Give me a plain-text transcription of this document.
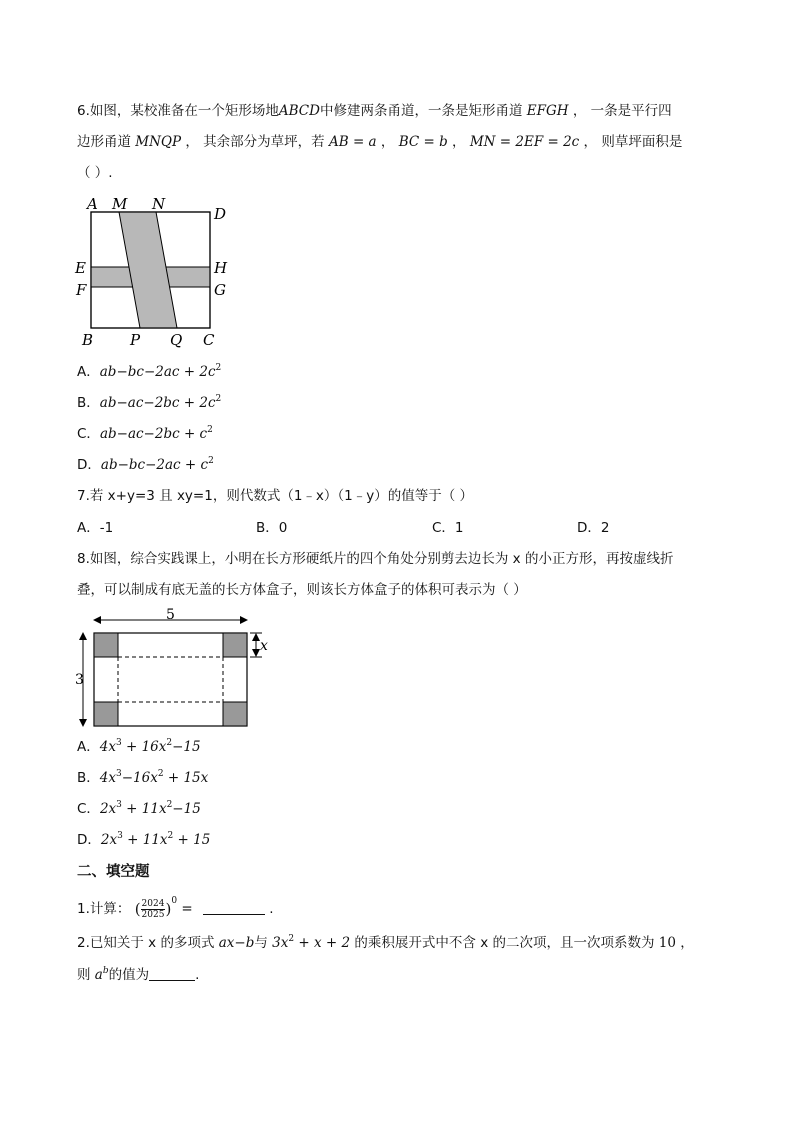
6.如图，某校准备在一个矩形场地ABCD中修建两条甬道，一条是矩形甬道 EFGH ， 一条是平行四
边形甬道 MNQP ， 其余部分为草坪，若 AB = a ， BC = b ， MN = 2EF = 2c ， 则草坪面积是
（ ）.
A M N
D
E	H
F	G
B P Q C
A．$ab-bc-2ac + 2c^2$
B．$ab-ac-2bc + 2c^2$
C．$ab-ac-2bc + c^2$
D．$ab-bc-2ac + c^2$
7.若 x+y=3 且 xy=1，则代数式（1﹣x）（1﹣y）的值等于（ ）
A．-1	B．0	C．1	D．2
8.如图，综合实践课上，小明在长方形硬纸片的四个角处分别剪去边长为 x 的小正方形，再按虚线折
叠，可以制成有底无盖的长方体盒子，则该长方体盒子的体积可表示为（ ）
5
3
x
A．$4x^3 + 16x^2-15$
B．$4x^3-16x^2 + 15x$
C．$2x^3 + 11x^2-15$
D．$2x^3 + 11x^2 + 15$
二、填空题
1.计算： ( $\frac{2024}{2025} )^0$ =	.
2.已知关于 x 的多项式 ax−b与 $3x^2 + x + 2$ 的乘积展开式中不含 x 的二次项，且一次项系数为 10 ，
则 $a^b$的值为	.
